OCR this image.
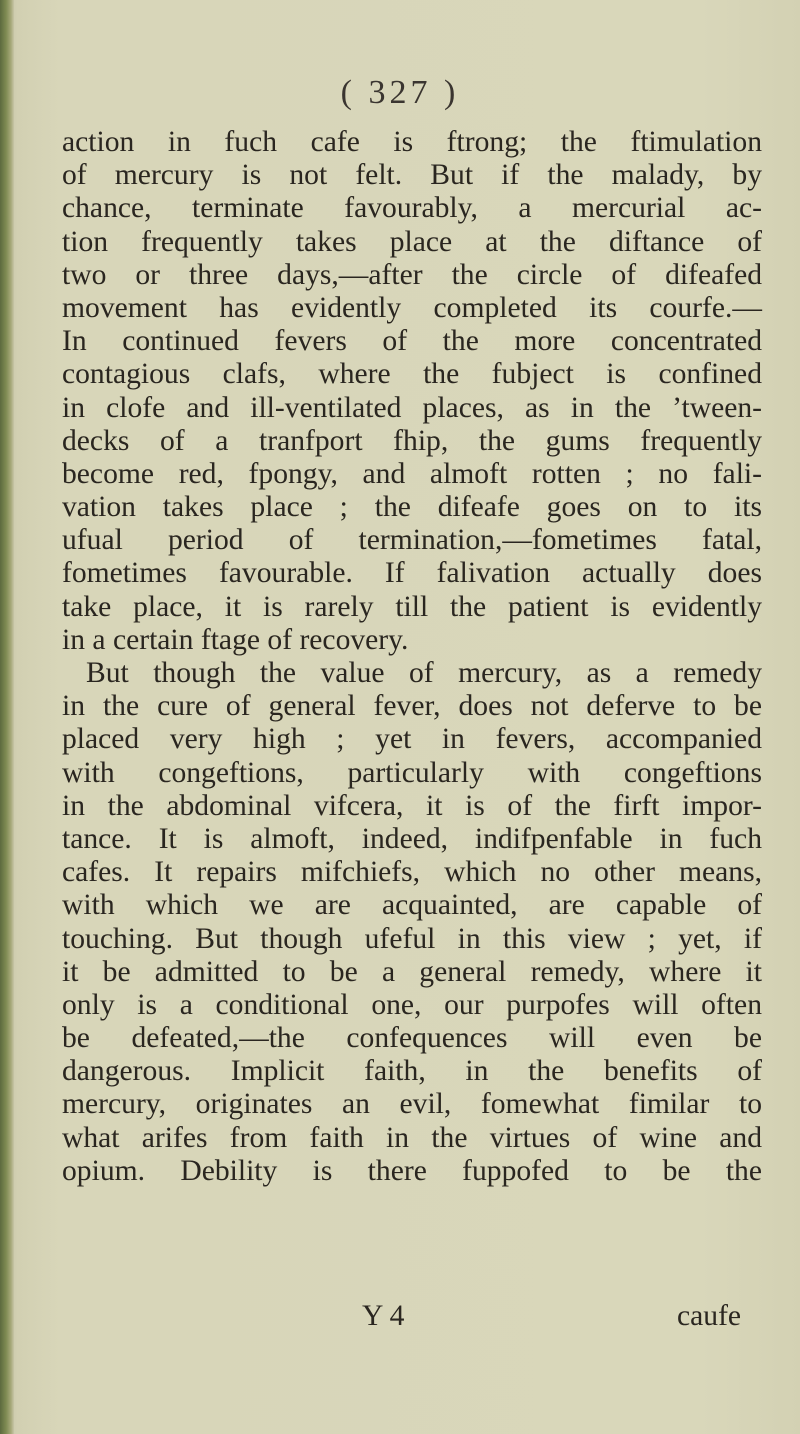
( 327 )
action in fuch cafe is ftrong; the ftimulation
of mercury is not felt. But if the malady, by
chance, terminate favourably, a mercurial ac-
tion frequently takes place at the diftance of
two or three days,—after the circle of difeafed
movement has evidently completed its courfe.—
In continued fevers of the more concentrated
contagious clafs, where the fubject is confined
in clofe and ill-ventilated places, as in the ’tween-
decks of a tranfport fhip, the gums frequently
become red, fpongy, and almoft rotten ; no fali-
vation takes place ; the difeafe goes on to its
ufual period of termination,—fometimes fatal,
fometimes favourable. If falivation actually does
take place, it is rarely till the patient is evidently
in a certain ftage of recovery.
But though the value of mercury, as a remedy
in the cure of general fever, does not deferve to be
placed very high ; yet in fevers, accompanied
with congeftions, particularly with congeftions
in the abdominal vifcera, it is of the firft impor-
tance. It is almoft, indeed, indifpenfable in fuch
cafes. It repairs mifchiefs, which no other means,
with which we are acquainted, are capable of
touching. But though ufeful in this view ; yet, if
it be admitted to be a general remedy, where it
only is a conditional one, our purpofes will often
be defeated,—the confequences will even be
dangerous. Implicit faith, in the benefits of
mercury, originates an evil, fomewhat fimilar to
what arifes from faith in the virtues of wine and
opium. Debility is there fuppofed to be the
Y 4	caufe
